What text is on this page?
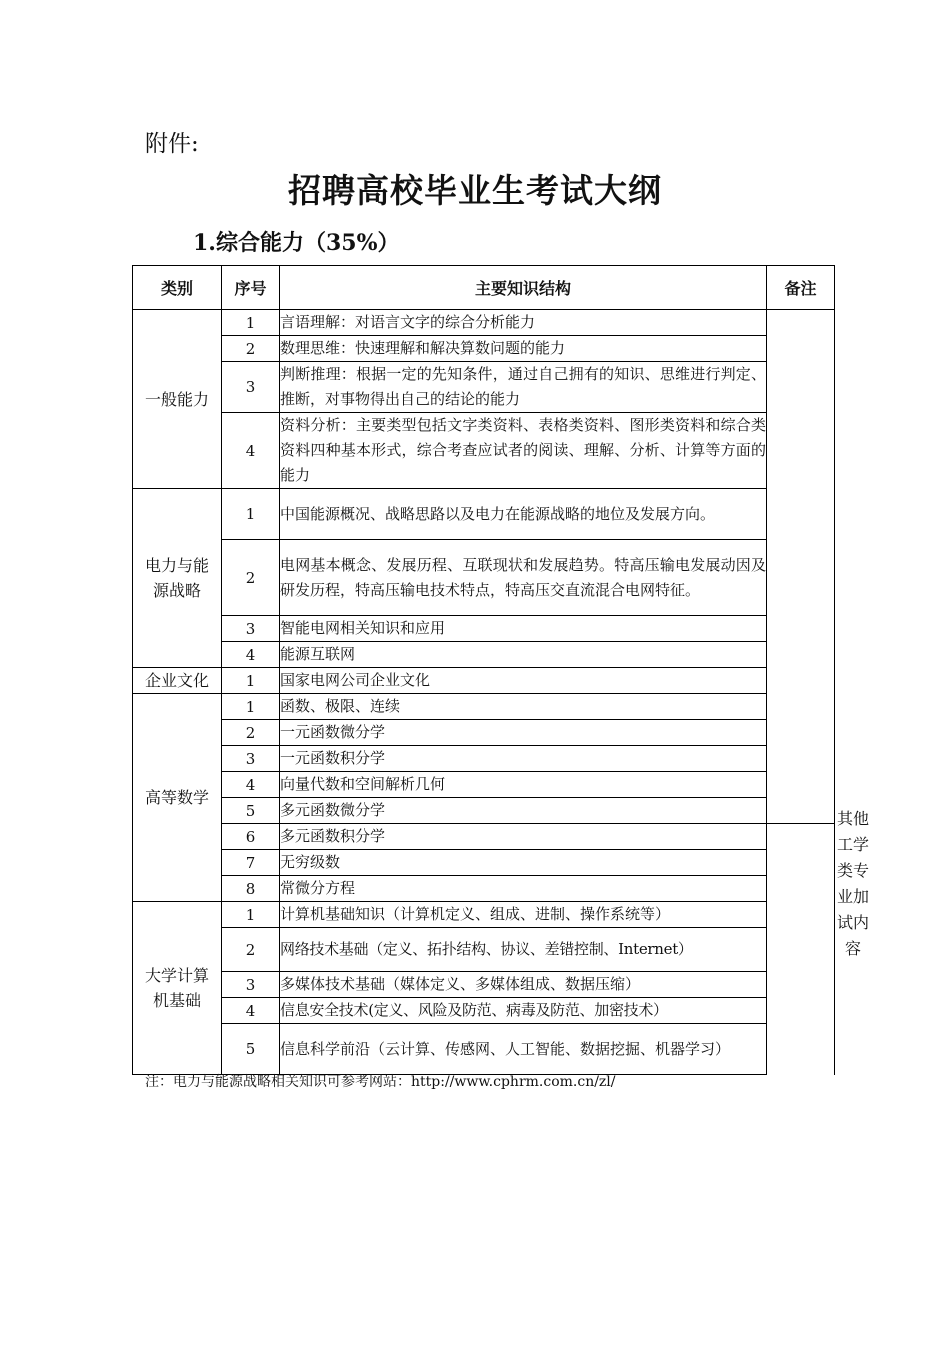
附件:
招聘高校毕业生考试大纲
1.综合能力（35%）
类别	序号	主要知识结构	备注	
一般能力	1	言语理解：对语言文字的综合分析能力		
	2	数理思维：快速理解和解决算数问题的能力		
	3	判断推理：根据一定的先知条件，通过自己拥有的知识、思维进行判定、推断，对事物得出自己的结论的能力		
	4	资料分析：主要类型包括文字类资料、表格类资料、图形类资料和综合类资料四种基本形式，综合考查应试者的阅读、理解、分析、计算等方面的能力		

电力与能源战略	1	中国能源概况、战略思路以及电力在能源战略的地位及发展方向。		
	2	电网基本概念、发展历程、互联现状和发展趋势。特高压输电发展动因及研发历程，特高压输电技术特点，特高压交直流混合电网特征。		
	3	智能电网相关知识和应用		
	4	能源互联网		
企业文化	1	国家电网公司企业文化		
高等数学	1	函数、极限、连续		其他工学类专业加试内容

	2	一元函数微分学		
	3	一元函数积分学		
	4	向量代数和空间解析几何		
	5	多元函数微分学		
	6	多元函数积分学		
	7	无穷级数		
	8	常微分方程		

大学计算机基础	1	计算机基础知识（计算机定义、组成、进制、操作系统等）		
	2	网络技术基础（定义、拓扑结构、协议、差错控制、Internet）		
	3	多媒体技术基础（媒体定义、多媒体组成、数据压缩）		
	4	信息安全技术(定义、风险及防范、病毒及防范、加密技术）		
	5	信息科学前沿（云计算、传感网、人工智能、数据挖掘、机器学习）		
注：电力与能源战略相关知识可参考网站：http://www.cphrm.com.cn/zl/
